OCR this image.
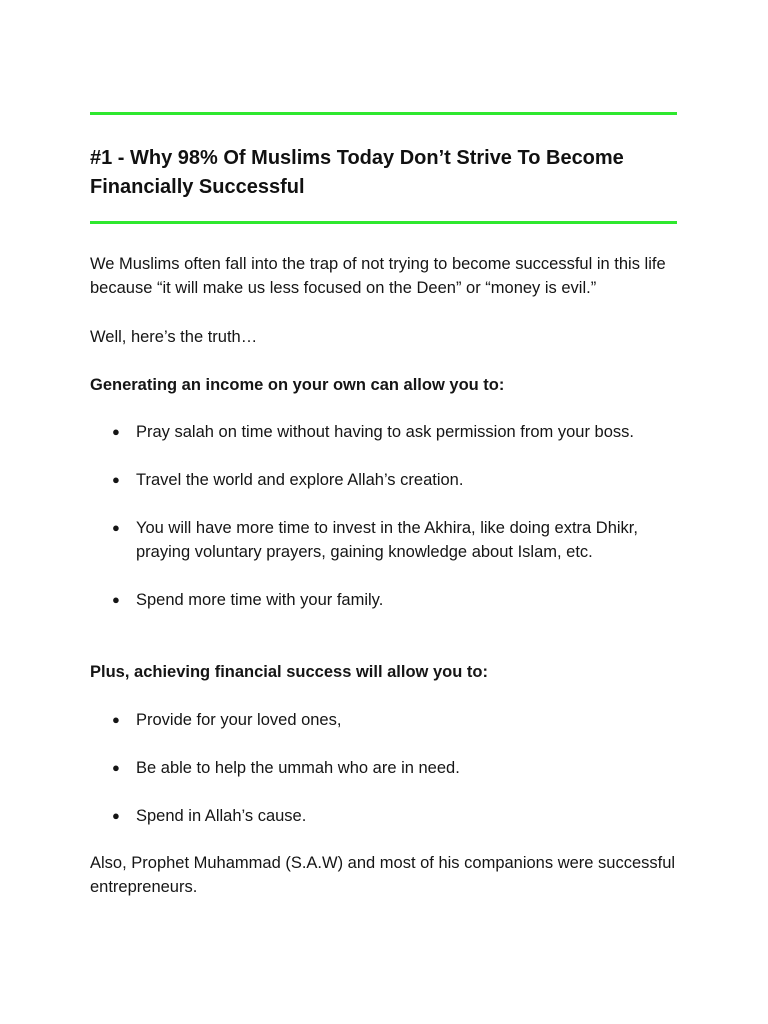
#1 - Why 98% Of Muslims Today Don’t Strive To Become Financially Successful

We Muslims often fall into the trap of not trying to become successful in this life because “it will make us less focused on the Deen” or “money is evil.”

Well, here’s the truth…

Generating an income on your own can allow you to:

● Pray salah on time without having to ask permission from your boss.
● Travel the world and explore Allah’s creation.
● You will have more time to invest in the Akhira, like doing extra Dhikr, praying voluntary prayers, gaining knowledge about Islam, etc.
● Spend more time with your family.

Plus, achieving financial success will allow you to:

● Provide for your loved ones,
● Be able to help the ummah who are in need.
● Spend in Allah’s cause.

Also, Prophet Muhammad (S.A.W) and most of his companions were successful entrepreneurs.
